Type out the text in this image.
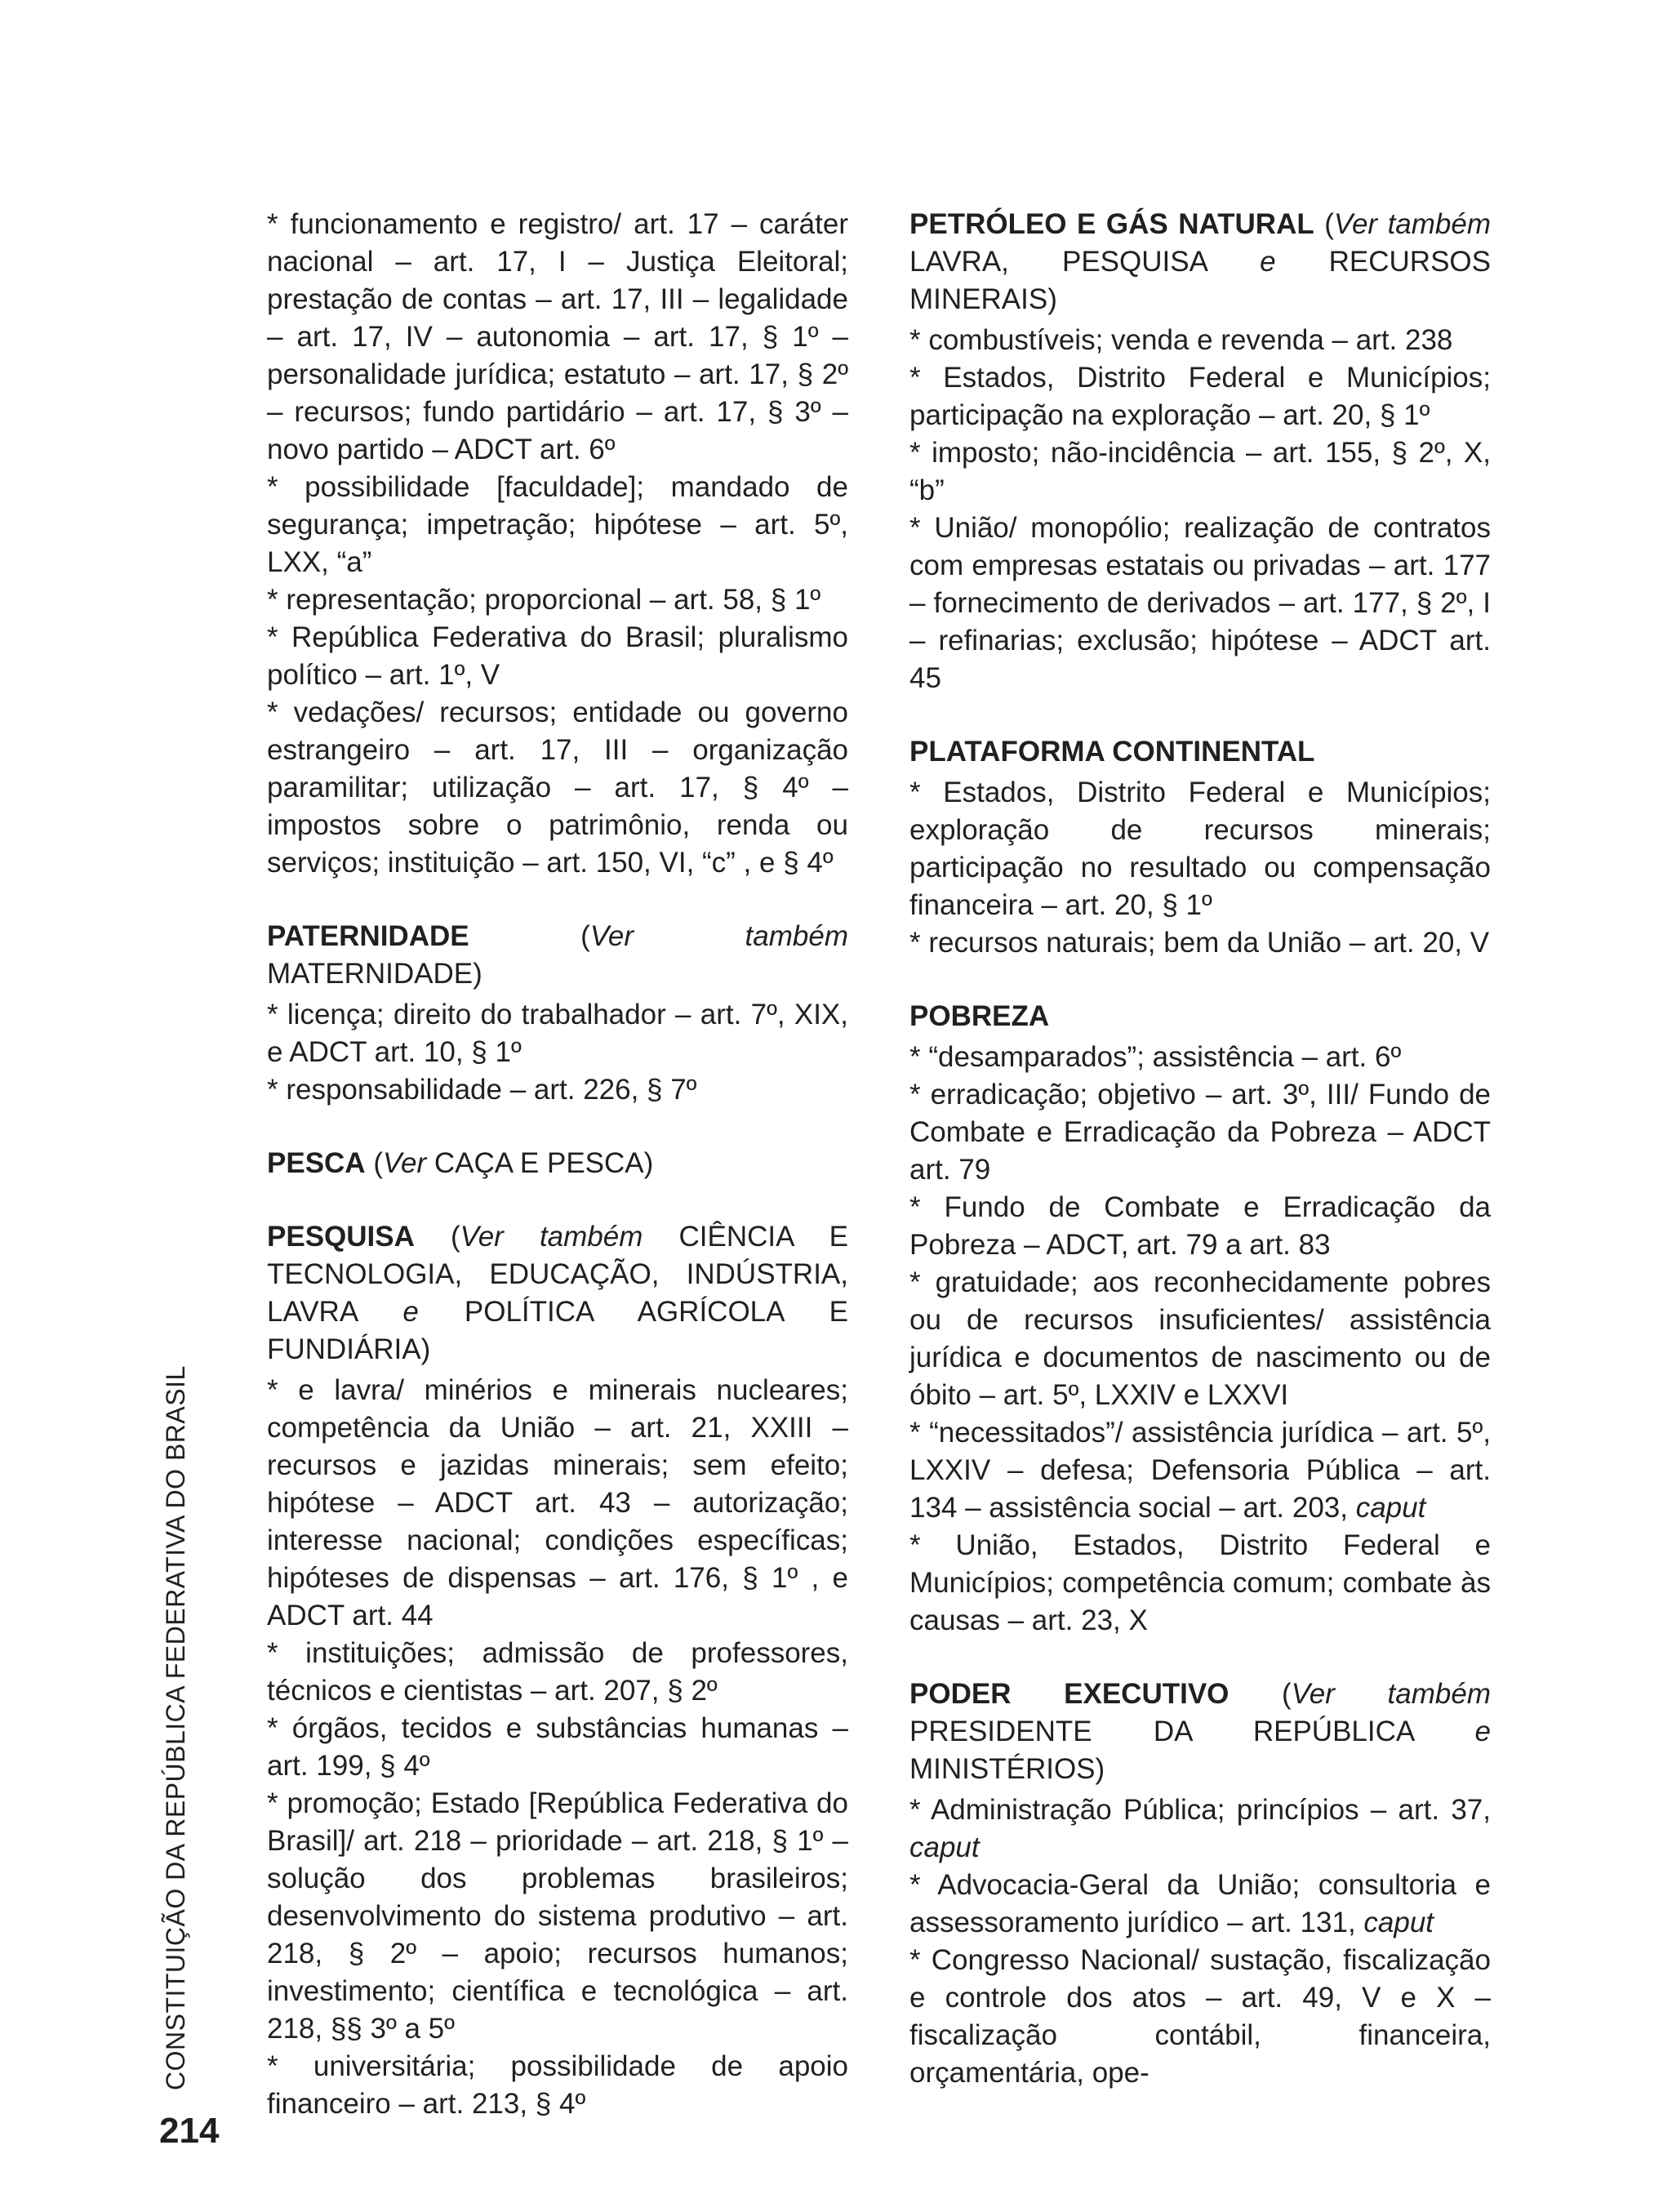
CONSTITUIÇÃO DA REPÚBLICA FEDERATIVA DO BRASIL
214

* funcionamento e registro/ art. 17 – caráter nacional – art. 17, I – Justiça Eleitoral; prestação de contas – art. 17, III – legalidade – art. 17, IV – autonomia – art. 17, § 1º – personalidade jurídica; estatuto – art. 17, § 2º – recursos; fundo partidário – art. 17, § 3º – novo partido – ADCT art. 6º

* possibilidade [faculdade]; mandado de segurança; impetração; hipótese – art. 5º, LXX, “a”

* representação; proporcional – art. 58, § 1º

* República Federativa do Brasil; pluralismo político – art. 1º, V

* vedações/ recursos; entidade ou governo estrangeiro – art. 17, III – organização paramilitar; utilização – art. 17, § 4º – impostos sobre o patrimônio, renda ou serviços; instituição – art. 150, VI, “c” , e § 4º

PATERNIDADE (Ver também MATERNIDADE)

* licença; direito do trabalhador – art. 7º, XIX, e ADCT art. 10, § 1º

* responsabilidade – art. 226, § 7º

PESCA (Ver CAÇA E PESCA)

PESQUISA (Ver também CIÊNCIA E TECNOLOGIA, EDUCAÇÃO, INDÚSTRIA, LAVRA e POLÍTICA AGRÍCOLA E FUNDIÁRIA)

* e lavra/ minérios e minerais nucleares; competência da União – art. 21, XXIII – recursos e jazidas minerais; sem efeito; hipótese – ADCT art. 43 – autorização; interesse nacional; condições específicas; hipóteses de dispensas – art. 176, § 1º , e ADCT art. 44

* instituições; admissão de professores, técnicos e cientistas – art. 207, § 2º

* órgãos, tecidos e substâncias humanas – art. 199, § 4º

* promoção; Estado [República Federativa do Brasil]/ art. 218 – prioridade – art. 218, § 1º – solução dos problemas brasileiros; desenvolvimento do sistema produtivo – art. 218, § 2º – apoio; recursos humanos; investimento; científica e tecnológica – art. 218, §§ 3º a 5º

* universitária; possibilidade de apoio financeiro – art. 213, § 4º

PETRÓLEO E GÁS NATURAL (Ver também LAVRA, PESQUISA e RECURSOS MINERAIS)

* combustíveis; venda e revenda – art. 238

* Estados, Distrito Federal e Municípios; participação na exploração – art. 20, § 1º

* imposto; não-incidência – art. 155, § 2º, X, “b”

* União/ monopólio; realização de contratos com empresas estatais ou privadas – art. 177 – fornecimento de derivados – art. 177, § 2º, I – refinarias; exclusão; hipótese – ADCT art. 45

PLATAFORMA CONTINENTAL

* Estados, Distrito Federal e Municípios; exploração de recursos minerais; participação no resultado ou compensação financeira – art. 20, § 1º

* recursos naturais; bem da União – art. 20, V

POBREZA

* “desamparados”; assistência – art. 6º

* erradicação; objetivo – art. 3º, III/ Fundo de Combate e Erradicação da Pobreza – ADCT art. 79

* Fundo de Combate e Erradicação da Pobreza – ADCT, art. 79 a art. 83

* gratuidade; aos reconhecidamente pobres ou de recursos insuficientes/ assistência jurídica e documentos de nascimento ou de óbito – art. 5º, LXXIV e LXXVI

* “necessitados”/ assistência jurídica – art. 5º, LXXIV – defesa; Defensoria Pública – art. 134 – assistência social – art. 203, caput

* União, Estados, Distrito Federal e Municípios; competência comum; combate às causas – art. 23, X

PODER EXECUTIVO (Ver também PRESIDENTE DA REPÚBLICA e MINISTÉRIOS)

* Administração Pública; princípios – art. 37, caput

* Advocacia-Geral da União; consultoria e assessoramento jurídico – art. 131, caput

* Congresso Nacional/ sustação, fiscalização e controle dos atos – art. 49, V e X – fiscalização contábil, financeira, orçamentária, ope-
